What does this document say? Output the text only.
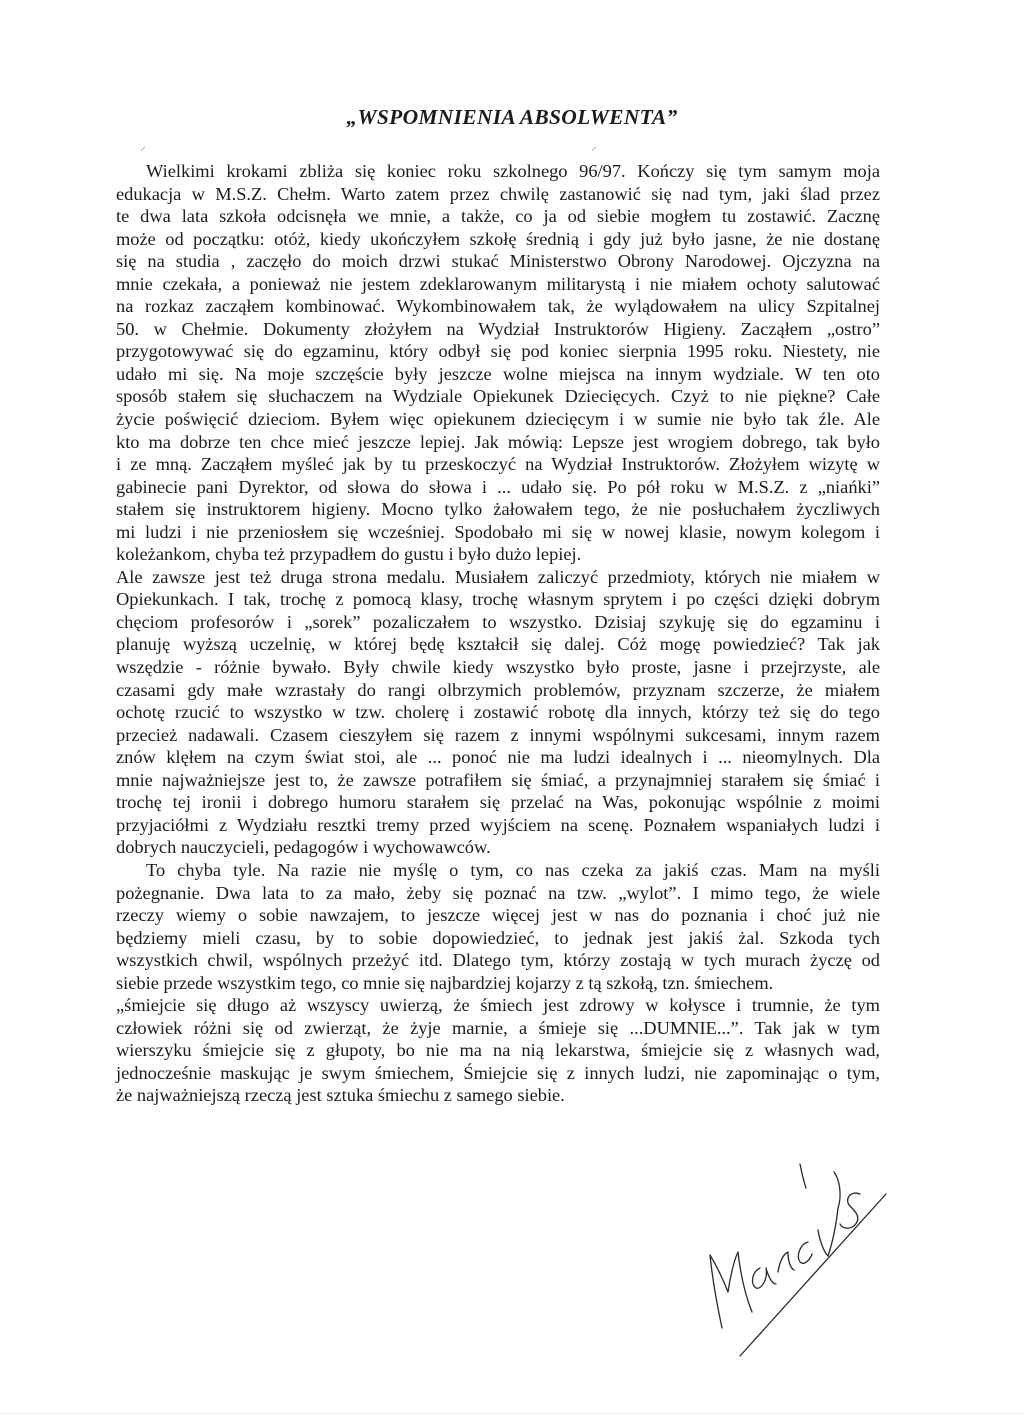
„WSPOMNIENIA ABSOLWENTA”
⸝	⸝
Wielkimi krokami zbliża się koniec roku szkolnego 96/97. Kończy się tym samym moja
edukacja w M.S.Z. Chełm. Warto zatem przez chwilę zastanowić się nad tym, jaki ślad przez
te dwa lata szkoła odcisnęła we mnie, a także, co ja od siebie mogłem tu zostawić. Zacznę
może od początku: otóż, kiedy ukończyłem szkołę średnią i gdy już było jasne, że nie dostanę
się na studia , zaczęło do moich drzwi stukać Ministerstwo Obrony Narodowej. Ojczyzna na
mnie czekała, a ponieważ nie jestem zdeklarowanym militarystą i nie miałem ochoty salutować
na rozkaz zacząłem kombinować. Wykombinowałem tak, że wylądowałem na ulicy Szpitalnej
50. w Chełmie. Dokumenty złożyłem na Wydział Instruktorów Higieny. Zacząłem „ostro”
przygotowywać się do egzaminu, który odbył się pod koniec sierpnia 1995 roku. Niestety, nie
udało mi się. Na moje szczęście były jeszcze wolne miejsca na innym wydziale. W ten oto
sposób stałem się słuchaczem na Wydziale Opiekunek Dziecięcych. Czyż to nie piękne? Całe
życie poświęcić dzieciom. Byłem więc opiekunem dziecięcym i w sumie nie było tak źle. Ale
kto ma dobrze ten chce mieć jeszcze lepiej. Jak mówią: Lepsze jest wrogiem dobrego, tak było
i ze mną. Zacząłem myśleć jak by tu przeskoczyć na Wydział Instruktorów. Złożyłem wizytę w
gabinecie pani Dyrektor, od słowa do słowa i ... udało się. Po pół roku w M.S.Z. z „niańki”
stałem się instruktorem higieny. Mocno tylko żałowałem tego, że nie posłuchałem życzliwych
mi ludzi i nie przeniosłem się wcześniej. Spodobało mi się w nowej klasie, nowym kolegom i
koleżankom, chyba też przypadłem do gustu i było dużo lepiej.
Ale zawsze jest też druga strona medalu. Musiałem zaliczyć przedmioty, których nie miałem w
Opiekunkach. I tak, trochę z pomocą klasy, trochę własnym sprytem i po części dzięki dobrym
chęciom profesorów i „sorek” pozaliczałem to wszystko. Dzisiaj szykuję się do egzaminu i
planuję wyższą uczelnię, w której będę kształcił się dalej. Cóż mogę powiedzieć? Tak jak
wszędzie - różnie bywało. Były chwile kiedy wszystko było proste, jasne i przejrzyste, ale
czasami gdy małe wzrastały do rangi olbrzymich problemów, przyznam szczerze, że miałem
ochotę rzucić to wszystko w tzw. cholerę i zostawić robotę dla innych, którzy też się do tego
przecież nadawali. Czasem cieszyłem się razem z innymi wspólnymi sukcesami, innym razem
znów klęłem na czym świat stoi, ale ... ponoć nie ma ludzi idealnych i ... nieomylnych. Dla
mnie najważniejsze jest to, że zawsze potrafiłem się śmiać, a przynajmniej starałem się śmiać i
trochę tej ironii i dobrego humoru starałem się przelać na Was, pokonując wspólnie z moimi
przyjaciółmi z Wydziału resztki tremy przed wyjściem na scenę. Poznałem wspaniałych ludzi i
dobrych nauczycieli, pedagogów i wychowawców.
To chyba tyle. Na razie nie myślę o tym, co nas czeka za jakiś czas. Mam na myśli
pożegnanie. Dwa lata to za mało, żeby się poznać na tzw. „wylot”. I mimo tego, że wiele
rzeczy wiemy o sobie nawzajem, to jeszcze więcej jest w nas do poznania i choć już nie
będziemy mieli czasu, by to sobie dopowiedzieć, to jednak jest jakiś żal. Szkoda tych
wszystkich chwil, wspólnych przeżyć itd. Dlatego tym, którzy zostają w tych murach życzę od
siebie przede wszystkim tego, co mnie się najbardziej kojarzy z tą szkołą, tzn. śmiechem.
„śmiejcie się długo aż wszyscy uwierzą, że śmiech jest zdrowy w kołysce i trumnie, że tym
człowiek różni się od zwierząt, że żyje marnie, a śmieje się ...DUMNIE...”. Tak jak w tym
wierszyku śmiejcie się z głupoty, bo nie ma na nią lekarstwa, śmiejcie się z własnych wad,
jednocześnie maskując je swym śmiechem, Śmiejcie się z innych ludzi, nie zapominając o tym,
że najważniejszą rzeczą jest sztuka śmiechu z samego siebie.
